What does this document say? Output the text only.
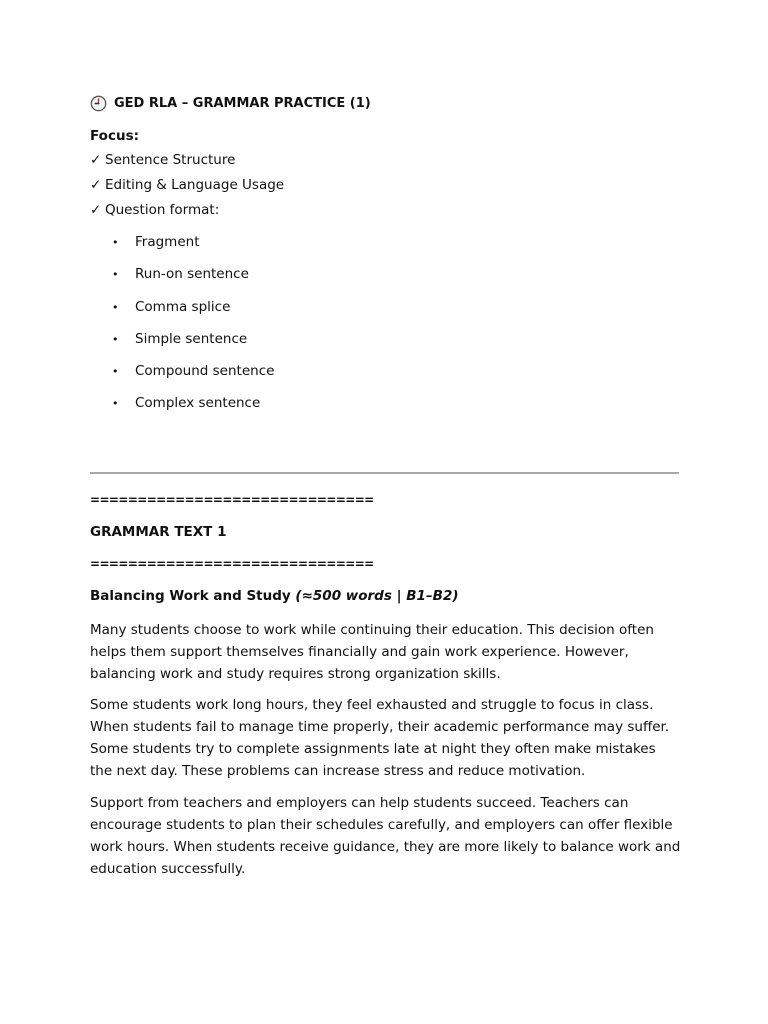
GED RLA – GRAMMAR PRACTICE (1)
Focus:
✓ Sentence Structure
✓ Editing & Language Usage
✓ Question format:
• Fragment
• Run-on sentence
• Comma splice
• Simple sentence
• Compound sentence
• Complex sentence
==============================
GRAMMAR TEXT 1
==============================
Balancing Work and Study (≈500 words | B1–B2)

Many students choose to work while continuing their education. This decision often helps them support themselves financially and gain work experience. However, balancing work and study requires strong organization skills.

Some students work long hours, they feel exhausted and struggle to focus in class. When students fail to manage time properly, their academic performance may suffer. Some students try to complete assignments late at night they often make mistakes the next day. These problems can increase stress and reduce motivation.

Support from teachers and employers can help students succeed. Teachers can encourage students to plan their schedules carefully, and employers can offer flexible work hours. When students receive guidance, they are more likely to balance work and education successfully.
